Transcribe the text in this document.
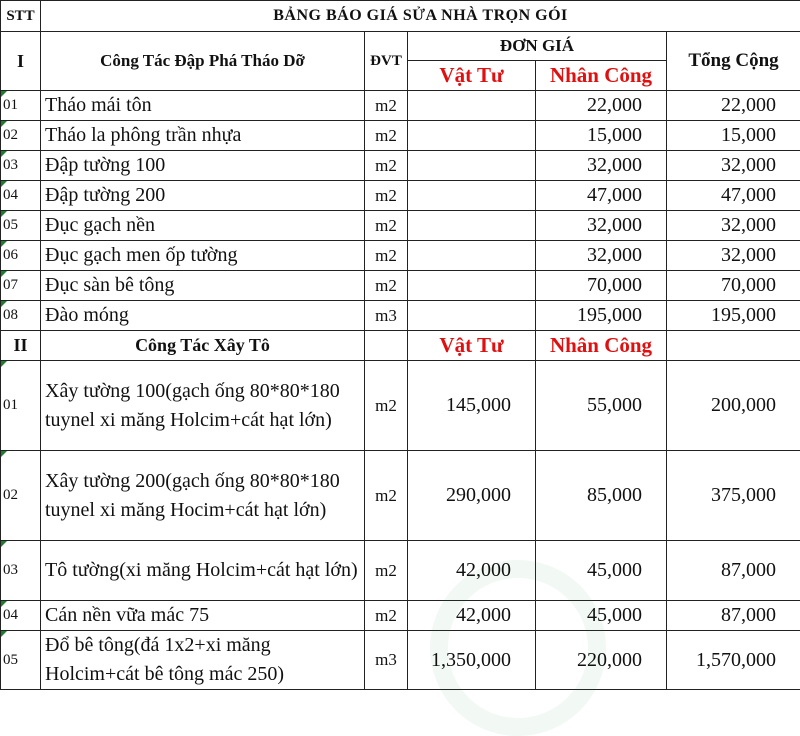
STT	BẢNG BÁO GIÁ SỬA NHÀ TRỌN GÓI				
I	Công Tác Đập Phá Tháo Dỡ	ĐVT	ĐƠN GIÁ		Tổng Cộng
			Vật Tư	Nhân Công	
01	Tháo mái tôn	m2		22,000	22,000
02	Tháo la phông trần nhựa	m2		15,000	15,000
03	Đập tường 100	m2		32,000	32,000
04	Đập tường 200	m2		47,000	47,000
05	Đục gạch nền	m2		32,000	32,000
06	Đục gạch men ốp tường	m2		32,000	32,000
07	Đục sàn bê tông	m2		70,000	70,000
08	Đào móng	m3		195,000	195,000
II	Công Tác Xây Tô		Vật Tư	Nhân Công	
01	Xây tường 100(gạch ống 80*80*180 tuynel xi măng Holcim+cát hạt lớn)	m2	145,000	55,000	200,000
02	Xây tường 200(gạch ống 80*80*180 tuynel xi măng Hocim+cát hạt lớn)	m2	290,000	85,000	375,000
03	Tô tường(xi măng Holcim+cát hạt lớn)	m2	42,000	45,000	87,000
04	Cán nền vữa mác 75	m2	42,000	45,000	87,000
05	Đổ bê tông(đá 1x2+xi măng Holcim+cát bê tông mác 250)	m3	1,350,000	220,000	1,570,000
